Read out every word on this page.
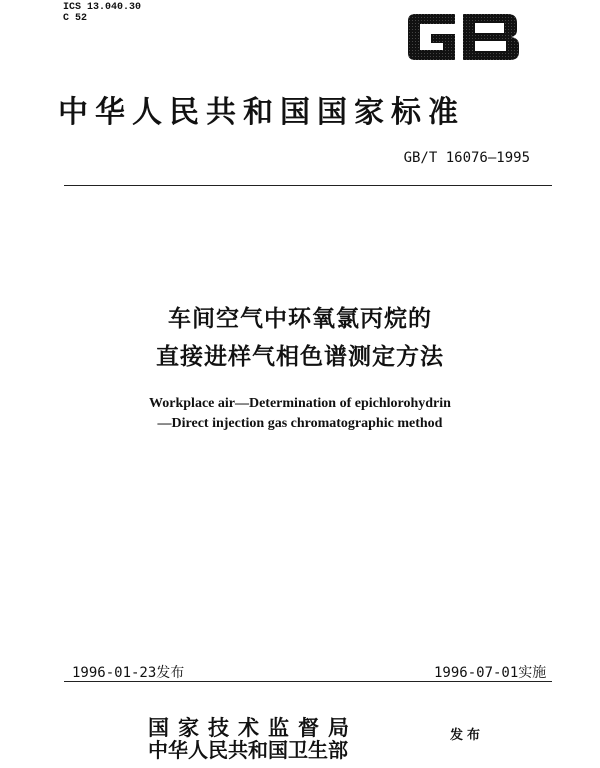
ICS 13.040.30
C 52
中华人民共和国国家标准
GB/T 16076—1995
车间空气中环氧氯丙烷的
直接进样气相色谱测定方法
Workplace air—Determination of epichlorohydrin
—Direct injection gas chromatographic method
1996-01-23发布	1996-07-01实施
国家技术监督局
中华人民共和国卫生部
发布
